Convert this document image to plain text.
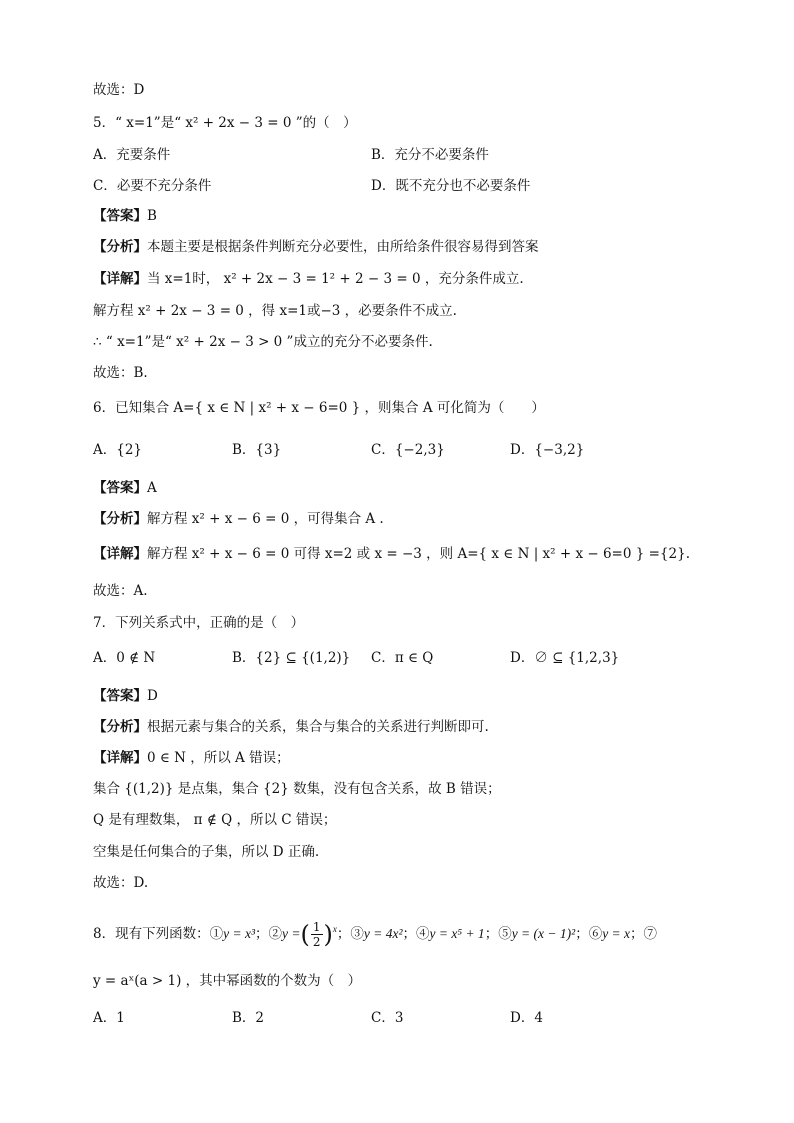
故选：D
5．“ x=1”是“ x² + 2x − 3 = 0 ”的（　）
A．充要条件	B．充分不必要条件
C．必要不充分条件	D．既不充分也不必要条件
【答案】B
【分析】本题主要是根据条件判断充分必要性，由所给条件很容易得到答案
【详解】当 x=1时， x² + 2x − 3 = 1² + 2 − 3 = 0 ，充分条件成立.
解方程 x² + 2x − 3 = 0 ，得 x=1或−3 ，必要条件不成立.
∴ “ x=1”是“ x² + 2x − 3 > 0 ”成立的充分不必要条件.
故选：B.
6．已知集合 A={ x ∈ N | x² + x − 6=0 } ，则集合 A 可化简为（　　）
A．{2}	B．{3}	C．{−2,3}	D．{−3,2}
【答案】A
【分析】解方程 x² + x − 6 = 0 ，可得集合 A .
【详解】解方程 x² + x − 6 = 0 可得 x=2 或 x = −3 ，则 A={ x ∈ N | x² + x − 6=0 } ={2}.
故选：A.
7．下列关系式中，正确的是（　）
A．0 ∉ N	B．{2} ⊆ {(1,2)} C．π ∈ Q	D．∅ ⊆ {1,2,3}
【答案】D
【分析】根据元素与集合的关系，集合与集合的关系进行判断即可.
【详解】0 ∈ N ，所以 A 错误；
集合 {(1,2)} 是点集，集合 {2} 数集，没有包含关系，故 B 错误；
Q 是有理数集， π ∉ Q ，所以 C 错误；
空集是任何集合的子集，所以 D 正确.
故选：D.
8．现有下列函数：①y = x³；②y =( $\frac{1}{2} )^x$；③y = 4x²；④y = x⁵ + 1；⑤y = (x − 1)²；⑥y = x；⑦
y = aˣ(a > 1) ，其中幂函数的个数为（　）
A．1	B．2	C．3	D．4
